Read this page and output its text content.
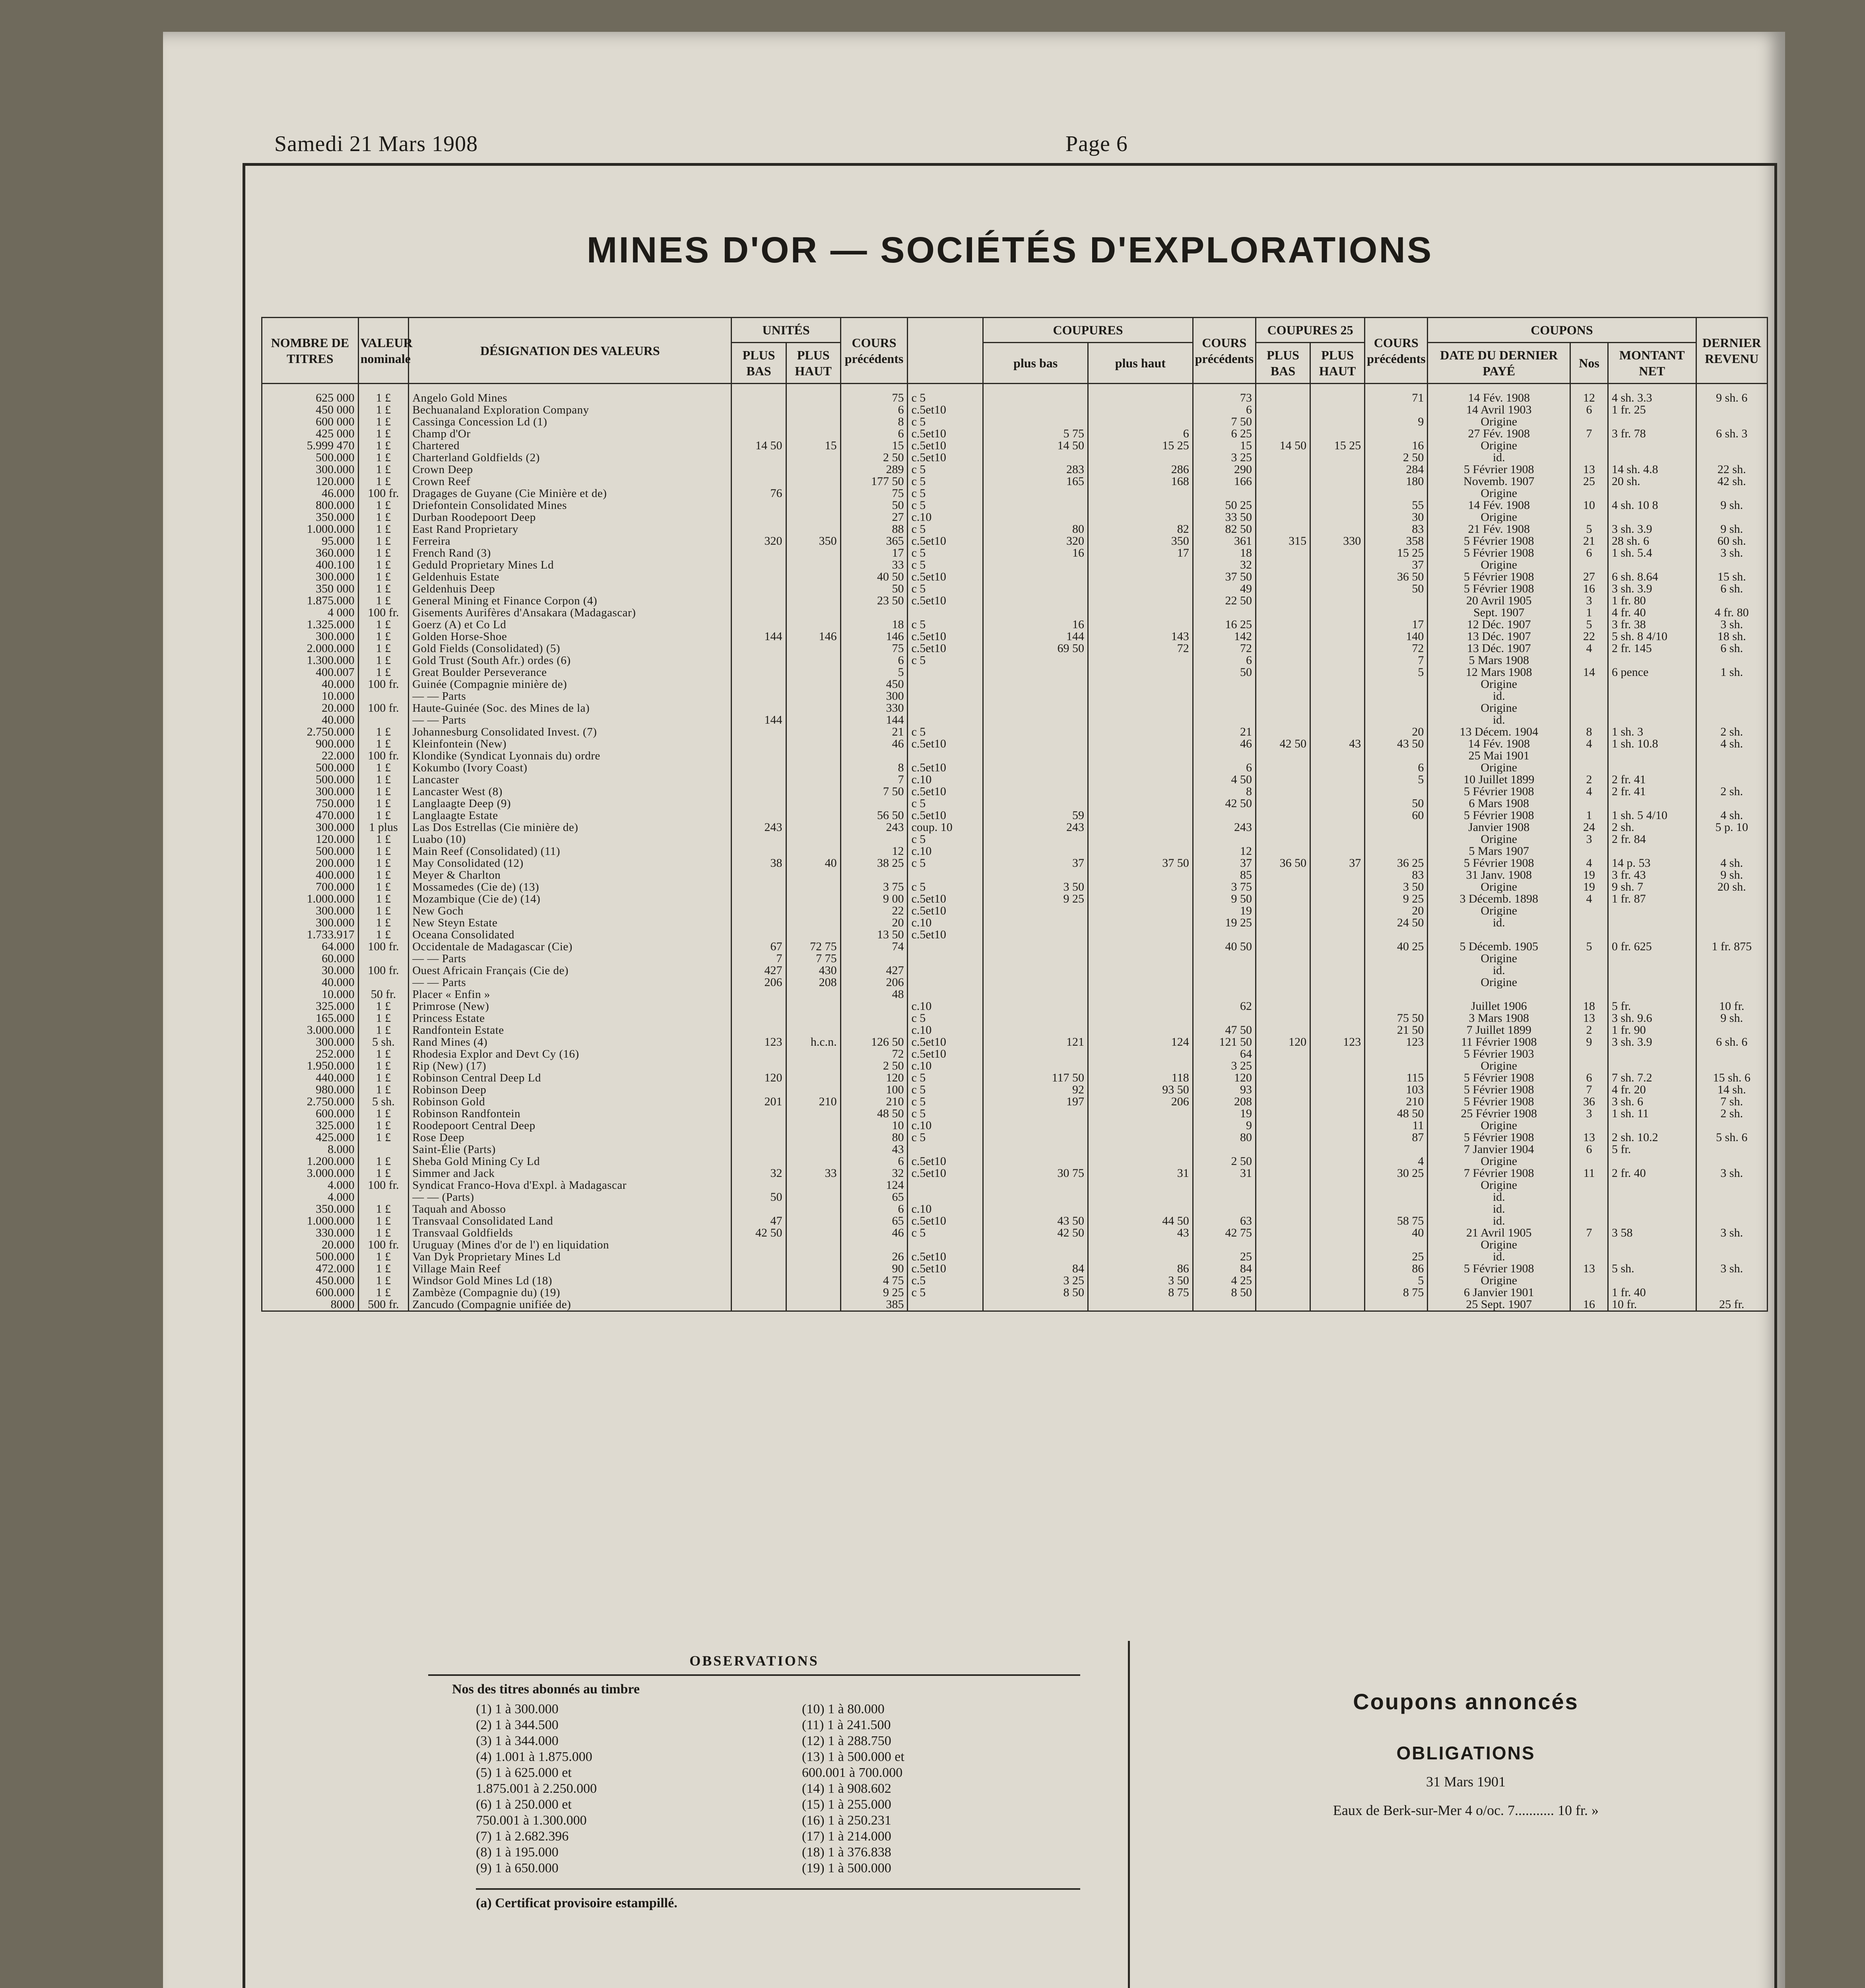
Samedi 21 Mars 1908	Page 6
MINES D'OR — SOCIÉTÉS D'EXPLORATIONS
NOMBRE DE TITRES	VALEUR nominale	DÉSIGNATION DES VALEURS	UNITÉS		COURS précédents		COUPURES		COURS précédents	COUPURES 25		COURS précédents	COUPONS			DERNIER REVENU
			PLUS BAS	PLUS HAUT			plus bas	plus haut		PLUS BAS	PLUS HAUT		DATE DU DERNIER PAYÉ	Nos	MONTANT NET	
625 000	1 £	Angelo Gold Mines			75	c 5			73			71	14 Fév. 1908	12	4 sh. 3.3	9 sh. 6
450 000	1 £	Bechuanaland Exploration Company			6	c.5et10			6				14 Avril 1903	6	1 fr. 25	
600 000	1 £	Cassinga Concession Ld (1)			8	c 5			7 50			9	Origine			
425 000	1 £	Champ d'Or			6	c.5et10	5 75	6	6 25				27 Fév. 1908	7	3 fr. 78	6 sh. 3
5.999 470	1 £	Chartered	14 50	15	15	c.5et10	14 50	15 25	15	14 50	15 25	16	Origine			
500.000	1 £	Charterland Goldfields (2)			2 50	c.5et10			3 25			2 50	id.			
300.000	1 £	Crown Deep			289	c 5	283	286	290			284	5 Février 1908	13	14 sh. 4.8	22 sh.
120.000	1 £	Crown Reef			177 50	c 5	165	168	166			180	Novemb. 1907	25	20 sh.	42 sh.
46.000	100 fr.	Dragages de Guyane (Cie Minière et de)	76		75	c 5							Origine			
800.000	1 £	Driefontein Consolidated Mines			50	c 5			50 25			55	14 Fév. 1908	10	4 sh. 10 8	9 sh.
350.000	1 £	Durban Roodepoort Deep			27	c.10			33 50			30	Origine			
1.000.000	1 £	East Rand Proprietary			88	c 5	80	82	82 50			83	21 Fév. 1908	5	3 sh. 3.9	9 sh.
95.000	1 £	Ferreira	320	350	365	c.5et10	320	350	361	315	330	358	5 Février 1908	21	28 sh. 6	60 sh.
360.000	1 £	French Rand (3)			17	c 5	16	17	18			15 25	5 Février 1908	6	1 sh. 5.4	3 sh.
400.100	1 £	Geduld Proprietary Mines Ld			33	c 5			32			37	Origine			
300.000	1 £	Geldenhuis Estate			40 50	c.5et10			37 50			36 50	5 Février 1908	27	6 sh. 8.64	15 sh.
350 000	1 £	Geldenhuis Deep			50	c 5			49			50	5 Février 1908	16	3 sh. 3.9	6 sh.
1.875.000	1 £	General Mining et Finance Corpon (4)			23 50	c.5et10			22 50				20 Avril 1905	3	1 fr. 80	
4 000	100 fr.	Gisements Aurifères d'Ansakara (Madagascar)											Sept. 1907	1	4 fr. 40	4 fr. 80
1.325.000	1 £	Goerz (A) et Co Ld			18	c 5	16		16 25			17	12 Déc. 1907	5	3 fr. 38	3 sh.
300.000	1 £	Golden Horse-Shoe	144	146	146	c.5et10	144	143	142			140	13 Déc. 1907	22	5 sh. 8 4/10	18 sh.
2.000.000	1 £	Gold Fields (Consolidated) (5)			75	c.5et10	69 50	72	72			72	13 Déc. 1907	4	2 fr. 145	6 sh.
1.300.000	1 £	Gold Trust (South Afr.) ordes (6)			6	c 5			6			7	5 Mars 1908			
400.007	1 £	Great Boulder Perseverance			5				50			5	12 Mars 1908	14	6 pence	1 sh.
40.000	100 fr.	Guinée (Compagnie minière de)			450								Origine			
10.000		— — Parts			300								id.			
20.000	100 fr.	Haute-Guinée (Soc. des Mines de la)			330								Origine			
40.000		— — Parts	144		144								id.			
2.750.000	1 £	Johannesburg Consolidated Invest. (7)			21	c 5			21			20	13 Décem. 1904	8	1 sh. 3	2 sh.
900.000	1 £	Kleinfontein (New)			46	c.5et10			46	42 50	43	43 50	14 Fév. 1908	4	1 sh. 10.8	4 sh.
22.000	100 fr.	Klondike (Syndicat Lyonnais du) ordre											25 Mai 1901			
500.000	1 £	Kokumbo (Ivory Coast)			8	c.5et10			6			6	Origine			
500.000	1 £	Lancaster			7	c.10			4 50			5	10 Juillet 1899	2	2 fr. 41	
300.000	1 £	Lancaster West (8)			7 50	c.5et10			8				5 Février 1908	4	2 fr. 41	2 sh.
750.000	1 £	Langlaagte Deep (9)				c 5			42 50			50	6 Mars 1908			
470.000	1 £	Langlaagte Estate			56 50	c.5et10	59					60	5 Février 1908	1	1 sh. 5 4/10	4 sh.
300.000	1 plus	Las Dos Estrellas (Cie minière de)	243		243	coup. 10	243		243				Janvier 1908	24	2 sh.	5 p. 10
120.000	1 £	Luabo (10)				c 5							Origine	3	2 fr. 84	
500.000	1 £	Main Reef (Consolidated) (11)			12	c.10			12				5 Mars 1907			
200.000	1 £	May Consolidated (12)	38	40	38 25	c 5	37	37 50	37	36 50	37	36 25	5 Février 1908	4	14 p. 53	4 sh.
400.000	1 £	Meyer & Charlton							85			83	31 Janv. 1908	19	3 fr. 43	9 sh.
700.000	1 £	Mossamedes (Cie de) (13)			3 75	c 5	3 50		3 75			3 50	Origine	19	9 sh. 7	20 sh.
1.000.000	1 £	Mozambique (Cie de) (14)			9 00	c.5et10	9 25		9 50			9 25	3 Décemb. 1898	4	1 fr. 87	
300.000	1 £	New Goch			22	c.5et10			19			20	Origine			
300.000	1 £	New Steyn Estate			20	c.10			19 25			24 50	id.			
1.733.917	1 £	Oceana Consolidated			13 50	c.5et10										
64.000	100 fr.	Occidentale de Madagascar (Cie)	67	72 75	74				40 50			40 25	5 Décemb. 1905	5	0 fr. 625	1 fr. 875
60.000		— — Parts	7	7 75									Origine			
30.000	100 fr.	Ouest Africain Français (Cie de)	427	430	427								id.			
40.000		— — Parts	206	208	206								Origine			
10.000	50 fr.	Placer « Enfin »			48											
325.000	1 £	Primrose (New)				c.10			62				Juillet 1906	18	5 fr.	10 fr.
165.000	1 £	Princess Estate				c 5						75 50	3 Mars 1908	13	3 sh. 9.6	9 sh.
3.000.000	1 £	Randfontein Estate				c.10			47 50			21 50	7 Juillet 1899	2	1 fr. 90	
300.000	5 sh.	Rand Mines (4)	123	h.c.n.	126 50	c.5et10	121	124	121 50	120	123	123	11 Février 1908	9	3 sh. 3.9	6 sh. 6
252.000	1 £	Rhodesia Explor and Devt Cy (16)			72	c.5et10			64				5 Février 1903			
1.950.000	1 £	Rip (New) (17)			2 50	c.10			3 25				Origine			
440.000	1 £	Robinson Central Deep Ld	120		120	c 5	117 50	118	120			115	5 Février 1908	6	7 sh. 7.2	15 sh. 6
980.000	1 £	Robinson Deep			100	c 5	92	93 50	93			103	5 Février 1908	7	4 fr. 20	14 sh.
2.750.000	5 sh.	Robinson Gold	201	210	210	c 5	197	206	208			210	5 Février 1908	36	3 sh. 6	7 sh.
600.000	1 £	Robinson Randfontein			48 50	c 5			19			48 50	25 Février 1908	3	1 sh. 11	2 sh.
325.000	1 £	Roodepoort Central Deep			10	c.10			9			11	Origine			
425.000	1 £	Rose Deep			80	c 5			80			87	5 Février 1908	13	2 sh. 10.2	5 sh. 6
8.000		Saint-Élie (Parts)			43								7 Janvier 1904	6	5 fr.	
1.200.000	1 £	Sheba Gold Mining Cy Ld			6	c.5et10			2 50			4	Origine			
3.000.000	1 £	Simmer and Jack	32	33	32	c.5et10	30 75	31	31			30 25	7 Février 1908	11	2 fr. 40	3 sh.
4.000	100 fr.	Syndicat Franco-Hova d'Expl. à Madagascar			124								Origine			
4.000		— — (Parts)	50		65								id.			
350.000	1 £	Taquah and Abosso			6	c.10							id.			
1.000.000	1 £	Transvaal Consolidated Land	47		65	c.5et10	43 50	44 50	63			58 75	id.			
330.000	1 £	Transvaal Goldfields	42 50		46	c 5	42 50	43	42 75			40	21 Avril 1905	7	3 58	3 sh.
20.000	100 fr.	Uruguay (Mines d'or de l') en liquidation											Origine			
500.000	1 £	Van Dyk Proprietary Mines Ld			26	c.5et10			25			25	id.			
472.000	1 £	Village Main Reef			90	c.5et10	84	86	84			86	5 Février 1908	13	5 sh.	3 sh.
450.000	1 £	Windsor Gold Mines Ld (18)			4 75	c.5	3 25	3 50	4 25			5	Origine			
600.000	1 £	Zambèze (Compagnie du) (19)			9 25	c 5	8 50	8 75	8 50			8 75	6 Janvier 1901		1 fr. 40	
8000	500 fr.	Zancudo (Compagnie unifiée de)			385								25 Sept. 1907	16	10 fr.	25 fr.
OBSERVATIONS
Nos des titres abonnés au timbre
(1) 1 à 300.000
(2) 1 à 344.500
(3) 1 à 344.000
(4) 1.001 à 1.875.000
(5) 1 à 625.000 et
1.875.001 à 2.250.000
(6) 1 à 250.000 et
750.001 à 1.300.000
(7) 1 à 2.682.396
(8) 1 à 195.000
(9) 1 à 650.000
(10) 1 à 80.000
(11) 1 à 241.500
(12) 1 à 288.750
(13) 1 à 500.000 et
600.001 à 700.000
(14) 1 à 908.602
(15) 1 à 255.000
(16) 1 à 250.231
(17) 1 à 214.000
(18) 1 à 376.838
(19) 1 à 500.000
(a) Certificat provisoire estampillé.
Coupons annoncés
OBLIGATIONS
31 Mars 1901
Eaux de Berk-sur-Mer 4 o/oc. 7........... 10 fr. »
